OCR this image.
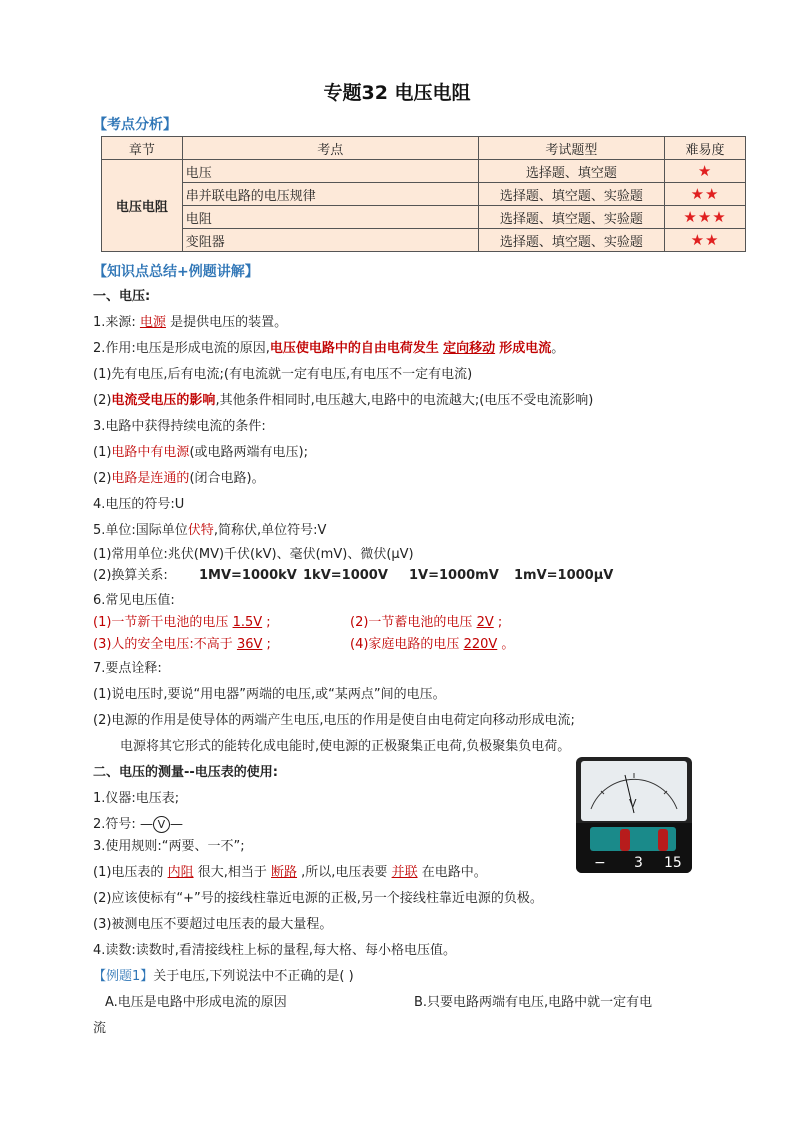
专题32 电压电阻
【考点分析】
章节	考点	考试题型	难易度
电压电阻	电压	选择题、填空题	★
	串并联电路的电压规律	选择题、填空题、实验题	★★
	电阻	选择题、填空题、实验题	★★★
	变阻器	选择题、填空题、实验题	★★
【知识点总结+例题讲解】
一、电压:
1.来源: 电源 是提供电压的装置。
2.作用:电压是形成电流的原因,电压使电路中的自由电荷发生 定向移动 形成电流。
(1)先有电压,后有电流;(有电流就一定有电压,有电压不一定有电流)
(2)电流受电压的影响,其他条件相同时,电压越大,电路中的电流越大;(电压不受电流影响)
3.电路中获得持续电流的条件:
(1)电路中有电源(或电路两端有电压);
(2)电路是连通的(闭合电路)。
4.电压的符号:U
5.单位:国际单位伏特,简称伏,单位符号:V
(1)常用单位:兆伏(MV)千伏(kV)、毫伏(mV)、微伏(μV)
(2)换算关系: 1MV=1000kV 1kV=1000V 1V=1000mV 1mV=1000μV
6.常见电压值:
(1)一节新干电池的电压 1.5V ;	(2)一节蓄电池的电压 2V ;
(3)人的安全电压:不高于 36V ;	(4)家庭电路的电压 220V 。
7.要点诠释:
(1)说电压时,要说“用电器”两端的电压,或“某两点”间的电压。
(2)电源的作用是使导体的两端产生电压,电压的作用是使自由电荷定向移动形成电流;
电源将其它形式的能转化成电能时,使电源的正极聚集正电荷,负极聚集负电荷。
二、电压的测量--电压表的使用:
1.仪器:电压表;
2.符号: — V —
3.使用规则:“两要、一不”;
(1)电压表的 内阻 很大,相当于 断路 ,所以,电压表要 并联 在电路中。
(2)应该使标有“+”号的接线柱靠近电源的正极,另一个接线柱靠近电源的负极。
(3)被测电压不要超过电压表的最大量程。
4.读数:读数时,看清接线柱上标的量程,每大格、每小格电压值。
V
− 3 15
【例题1】关于电压,下列说法中不正确的是( )
A.电压是电路中形成电流的原因	B.只要电路两端有电压,电路中就一定有电
流
